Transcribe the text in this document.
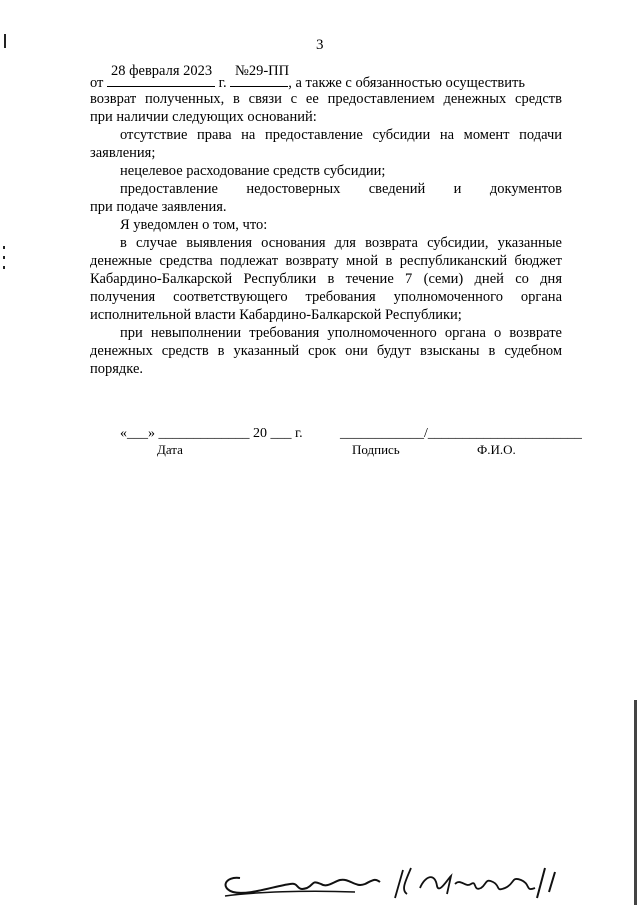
3
28 февраля 2023 №29-ПП
от	г.	, а также с обязанностью осуществить
возврат полученных, в связи с ее предоставлением денежных средств
при наличии следующих оснований:
отсутствие права на предоставление субсидии на момент подачи
заявления;
нецелевое расходование средств субсидии;
предоставление недостоверных сведений и документов
при подаче заявления.
Я уведомлен о том, что:
в случае выявления основания для возврата субсидии, указанные
денежные средства подлежат возврату мной в республиканский бюджет
Кабардино-Балкарской Республики в течение 7 (семи) дней со дня
получения соответствующего требования уполномоченного органа
исполнительной власти Кабардино-Балкарской Республики;
при невыполнении требования уполномоченного органа о возврате
денежных средств в указанный срок они будут взысканы в судебном
порядке.
«___» _____________ 20 ___ г.	____________/______________________
Дата	Подпись	Ф.И.О.
